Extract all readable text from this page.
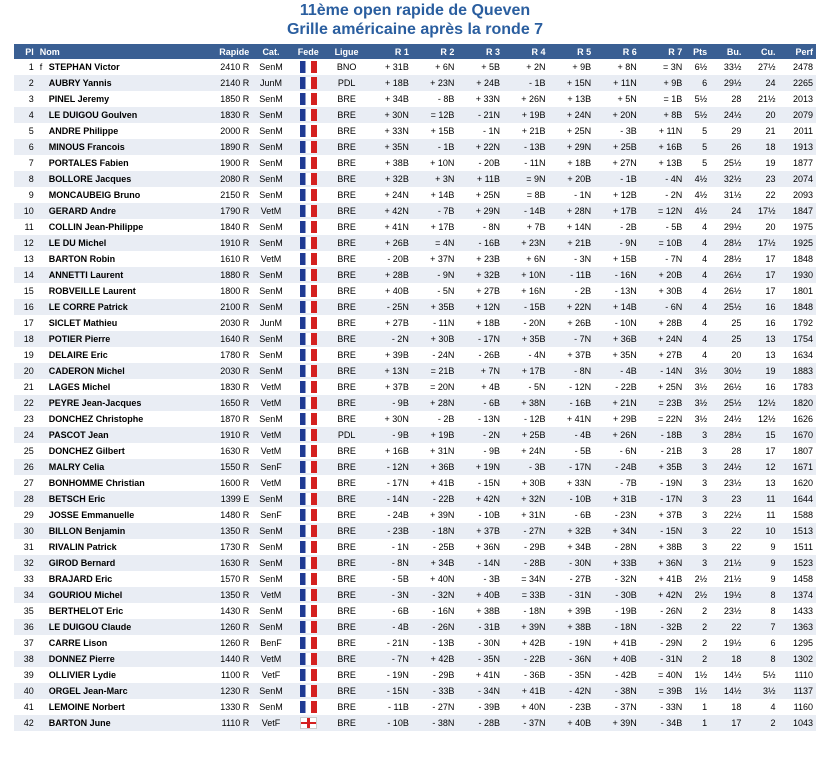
11ème open rapide de Queven
Grille américaine après la ronde 7
Pl	Nom	Rapide	Cat.	Fede	Ligue	R 1	R 2	R 3	R 4	R 5	R 6	R 7	Pts	Bu.	Cu.	Perf
1	f STEPHAN Victor	2410 R	SenM		BNO	+ 31B	+ 6N	+ 5B	+ 2N	+ 9B	+ 8N	= 3N	6½	33½	27½	2478
2	AUBRY Yannis	2140 R	JunM		PDL	+ 18B	+ 23N	+ 24B	- 1B	+ 15N	+ 11N	+ 9B	6	29½	24	2265
3	PINEL Jeremy	1850 R	SenM		BRE	+ 34B	- 8B	+ 33N	+ 26N	+ 13B	+ 5N	= 1B	5½	28	21½	2013
4	LE DUIGOU Goulven	1830 R	SenM		BRE	+ 30N	= 12B	- 21N	+ 19B	+ 24N	+ 20N	+ 8B	5½	24½	20	2079
5	ANDRE Philippe	2000 R	SenM		BRE	+ 33N	+ 15B	- 1N	+ 21B	+ 25N	- 3B	+ 11N	5	29	21	2011
6	MINOUS Francois	1890 R	SenM		BRE	+ 35N	- 1B	+ 22N	- 13B	+ 29N	+ 25B	+ 16B	5	26	18	1913
7	PORTALES Fabien	1900 R	SenM		BRE	+ 38B	+ 10N	- 20B	- 11N	+ 18B	+ 27N	+ 13B	5	25½	19	1877
8	BOLLORE Jacques	2080 R	SenM		BRE	+ 32B	+ 3N	+ 11B	= 9N	+ 20B	- 1B	- 4N	4½	32½	23	2074
9	MONCAUBEIG Bruno	2150 R	SenM		BRE	+ 24N	+ 14B	+ 25N	= 8B	- 1N	+ 12B	- 2N	4½	31½	22	2093
10	GERARD Andre	1790 R	VetM		BRE	+ 42N	- 7B	+ 29N	- 14B	+ 28N	+ 17B	= 12N	4½	24	17½	1847
11	COLLIN Jean-Philippe	1840 R	SenM		BRE	+ 41N	+ 17B	- 8N	+ 7B	+ 14N	- 2B	- 5B	4	29½	20	1975
12	LE DU Michel	1910 R	SenM		BRE	+ 26B	= 4N	- 16B	+ 23N	+ 21B	- 9N	= 10B	4	28½	17½	1925
13	BARTON Robin	1610 R	VetM		BRE	- 20B	+ 37N	+ 23B	+ 6N	- 3N	+ 15B	- 7N	4	28½	17	1848
14	ANNETTI Laurent	1880 R	SenM		BRE	+ 28B	- 9N	+ 32B	+ 10N	- 11B	- 16N	+ 20B	4	26½	17	1930
15	ROBVEILLE Laurent	1800 R	SenM		BRE	+ 40B	- 5N	+ 27B	+ 16N	- 2B	- 13N	+ 30B	4	26½	17	1801
16	LE CORRE Patrick	2100 R	SenM		BRE	- 25N	+ 35B	+ 12N	- 15B	+ 22N	+ 14B	- 6N	4	25½	16	1848
17	SICLET Mathieu	2030 R	JunM		BRE	+ 27B	- 11N	+ 18B	- 20N	+ 26B	- 10N	+ 28B	4	25	16	1792
18	POTIER Pierre	1640 R	SenM		BRE	- 2N	+ 30B	- 17N	+ 35B	- 7N	+ 36B	+ 24N	4	25	13	1754
19	DELAIRE Eric	1780 R	SenM		BRE	+ 39B	- 24N	- 26B	- 4N	+ 37B	+ 35N	+ 27B	4	20	13	1634
20	CADERON Michel	2030 R	SenM		BRE	+ 13N	= 21B	+ 7N	+ 17B	- 8N	- 4B	- 14N	3½	30½	19	1883
21	LAGES Michel	1830 R	VetM		BRE	+ 37B	= 20N	+ 4B	- 5N	- 12N	- 22B	+ 25N	3½	26½	16	1783
22	PEYRE Jean-Jacques	1650 R	VetM		BRE	- 9B	+ 28N	- 6B	+ 38N	- 16B	+ 21N	= 23B	3½	25½	12½	1820
23	DONCHEZ Christophe	1870 R	SenM		BRE	+ 30N	- 2B	- 13N	- 12B	+ 41N	+ 29B	= 22N	3½	24½	12½	1626
24	PASCOT Jean	1910 R	VetM		PDL	- 9B	+ 19B	- 2N	+ 25B	- 4B	+ 26N	- 18B	3	28½	15	1670
25	DONCHEZ Gilbert	1630 R	VetM		BRE	+ 16B	+ 31N	- 9B	+ 24N	- 5B	- 6N	- 21B	3	28	17	1807
26	MALRY Celia	1550 R	SenF		BRE	- 12N	+ 36B	+ 19N	- 3B	- 17N	- 24B	+ 35B	3	24½	12	1671
27	BONHOMME Christian	1600 R	VetM		BRE	- 17N	+ 41B	- 15N	+ 30B	+ 33N	- 7B	- 19N	3	23½	13	1620
28	BETSCH Eric	1399 E	SenM		BRE	- 14N	- 22B	+ 42N	+ 32N	- 10B	+ 31B	- 17N	3	23	11	1644
29	JOSSE Emmanuelle	1480 R	SenF		BRE	- 24B	+ 39N	- 10B	+ 31N	- 6B	- 23N	+ 37B	3	22½	11	1588
30	BILLON Benjamin	1350 R	SenM		BRE	- 23B	- 18N	+ 37B	- 27N	+ 32B	+ 34N	- 15N	3	22	10	1513
31	RIVALIN Patrick	1730 R	SenM		BRE	- 1N	- 25B	+ 36N	- 29B	+ 34B	- 28N	+ 38B	3	22	9	1511
32	GIROD Bernard	1630 R	SenM		BRE	- 8N	+ 34B	- 14N	- 28B	- 30N	+ 33B	+ 36N	3	21½	9	1523
33	BRAJARD Eric	1570 R	SenM		BRE	- 5B	+ 40N	- 3B	= 34N	- 27B	- 32N	+ 41B	2½	21½	9	1458
34	GOURIOU Michel	1350 R	VetM		BRE	- 3N	- 32N	+ 40B	= 33B	- 31N	- 30B	+ 42N	2½	19½	8	1374
35	BERTHELOT Eric	1430 R	SenM		BRE	- 6B	- 16N	+ 38B	- 18N	+ 39B	- 19B	- 26N	2	23½	8	1433
36	LE DUIGOU Claude	1260 R	SenM		BRE	- 4B	- 26N	- 31B	+ 39N	+ 38B	- 18N	- 32B	2	22	7	1363
37	CARRE Lison	1260 R	BenF		BRE	- 21N	- 13B	- 30N	+ 42B	- 19N	+ 41B	- 29N	2	19½	6	1295
38	DONNEZ Pierre	1440 R	VetM		BRE	- 7N	+ 42B	- 35N	- 22B	- 36N	+ 40B	- 31N	2	18	8	1302
39	OLLIVIER Lydie	1100 R	VetF		BRE	- 19N	- 29B	+ 41N	- 36B	- 35N	- 42B	= 40N	1½	14½	5½	1110
40	ORGEL Jean-Marc	1230 R	SenM		BRE	- 15N	- 33B	- 34N	+ 41B	- 42N	- 38N	= 39B	1½	14½	3½	1137
41	LEMOINE Norbert	1330 R	SenM		BRE	- 11B	- 27N	- 39B	+ 40N	- 23B	- 37N	- 33N	1	18	4	1160
42	BARTON June	1110 R	VetF		BRE	- 10B	- 38N	- 28B	- 37N	+ 40B	+ 39N	- 34B	1	17	2	1043
